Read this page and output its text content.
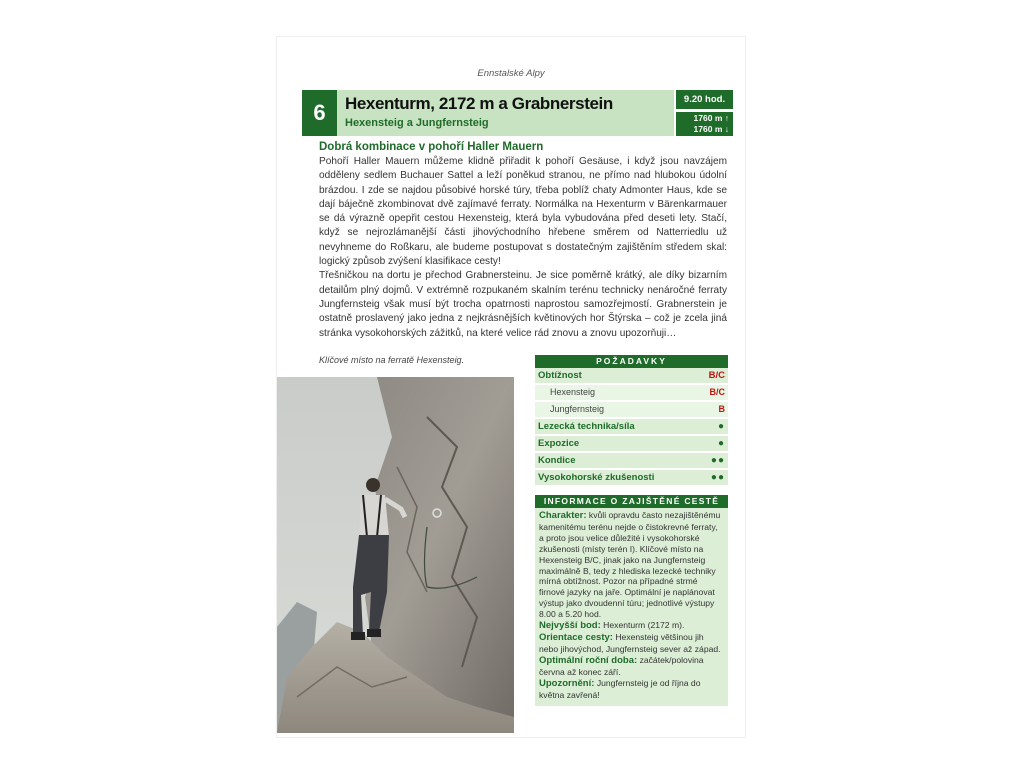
Ennstalské Alpy
6	Hexenturm, 2172 m a Grabnerstein
Hexensteig a Jungfernsteig
9.20 hod.
1760 m ↑
1760 m ↓
Dobrá kombinace v pohoří Haller Mauern

Pohoří Haller Mauern můžeme klidně přiřadit k pohoří Gesäuse, i když jsou navzájem odděleny sedlem Buchauer Sattel a leží poněkud stranou, ne přímo nad hlubokou údolní brázdou. I zde se najdou působivé horské túry, třeba poblíž chaty Admonter Haus, kde se dají báječně zkombinovat dvě zajímavé ferraty. Normálka na Hexenturm v Bärenkarmauer se dá výrazně opepřit cestou Hexensteig, která byla vybudována před deseti lety. Stačí, když se nejrozlámanější části jihovýchodního hřebene směrem od Natterriedlu už nevyhneme do Roßkaru, ale budeme postupovat s dostatečným zajištěním středem skal: logický způsob zvýšení klasifikace cesty!

Třešničkou na dortu je přechod Grabnersteinu. Je sice poměrně krátký, ale díky bizarním detailům plný dojmů. V extrémně rozpukaném skalním terénu technicky nenáročné ferraty Jungfernsteig však musí být trocha opatrnosti naprostou samozřejmostí. Grabnerstein je ostatně proslavený jako jedna z nejkrásnějších květinových hor Štýrska – což je zcela jiná stránka vysokohorských zážitků, na které velice rád znovu a znovu upozorňuji…

Klíčové místo na ferratě Hexensteig.	POŽADAVKY
Obtížnost	B/C
Hexensteig	B/C
Jungfernsteig	B
Lezecká technika/síla	●
Expozice	●
Kondice	●●
Vysokohorské zkušenosti	●●
INFORMACE O ZAJIŠTĚNÉ CESTĚ

Charakter: kvůli opravdu často nezajištěnému kamenitému terénu nejde o čistokrevné ferraty, a proto jsou velice důležité i vysokohorské zkušenosti (místy terén I). Klíčové místo na Hexensteig B/C, jinak jako na Jungfernsteig maximálně B, tedy z hlediska lezecké techniky mírná obtížnost. Pozor na případné strmé firnové jazyky na jaře. Optimální je naplánovat výstup jako dvoudenní túru; jednotlivé výstupy 8.00 a 5.20 hod.

Nejvyšší bod: Hexenturm (2172 m).

Orientace cesty: Hexensteig většinou jih nebo jihovýchod, Jungfernsteig sever až západ.

Optimální roční doba: začátek/polovina června až konec září.

Upozornění: Jungfernsteig je od října do května zavřená!
